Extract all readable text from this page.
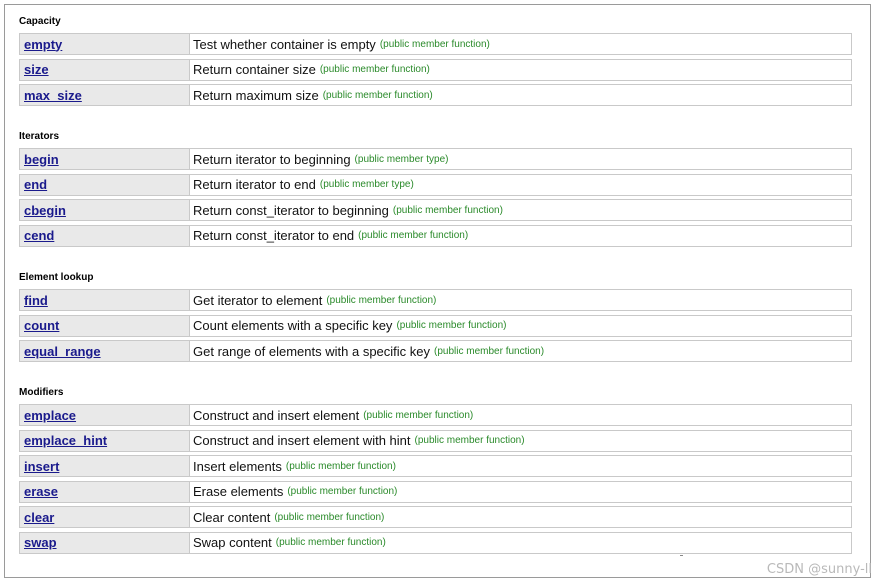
Capacity
empty	Test whether container is empty (public member function)
size	Return container size (public member function)
max_size	Return maximum size (public member function)
Iterators
begin	Return iterator to beginning (public member type)
end	Return iterator to end (public member type)
cbegin	Return const_iterator to beginning (public member function)
cend	Return const_iterator to end (public member function)
Element lookup
find	Get iterator to element (public member function)
count	Count elements with a specific key (public member function)
equal_range	Get range of elements with a specific key (public member function)
Modifiers
emplace	Construct and insert element (public member function)
emplace_hint	Construct and insert element with hint (public member function)
insert	Insert elements (public member function)
erase	Erase elements (public member function)
clear	Clear content (public member function)
swap	Swap content (public member function)
CSDN @sunny-ll
